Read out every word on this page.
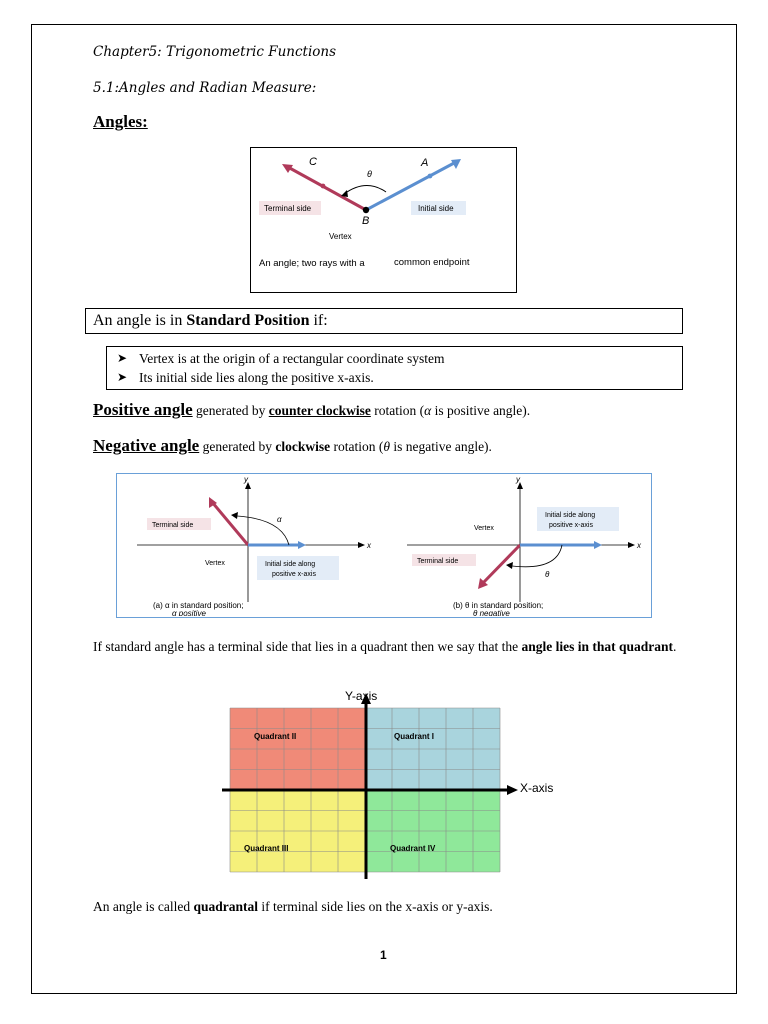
Chapter5: Trigonometric Functions
5.1:Angles and Radian Measure:
Angles:
C	A
B
θ
Terminal side	Initial side
Vertex
An angle; two rays with a	common endpoint
An angle is in Standard Position if:
➤ Vertex is at the origin of a rectangular coordinate system
➤ Its initial side lies along the positive x-axis.
Positive angle generated by counter clockwise rotation (α is positive angle).
Negative angle generated by clockwise rotation (θ is negative angle).
y
x
α
Terminal side
Vertex	Initial side along
positive x-axis
(a) α in standard position;
α positive
y
x
θ
Vertex
Terminal side
Initial side along
positive x-axis
(b) θ in standard position;
θ negative
If standard angle has a terminal side that lies in a quadrant then we say that the angle lies in that quadrant.
Y-axis
X-axis
Quadrant II	Quadrant I
Quadrant III	Quadrant IV
An angle is called quadrantal if terminal side lies on the x-axis or y-axis.
1
